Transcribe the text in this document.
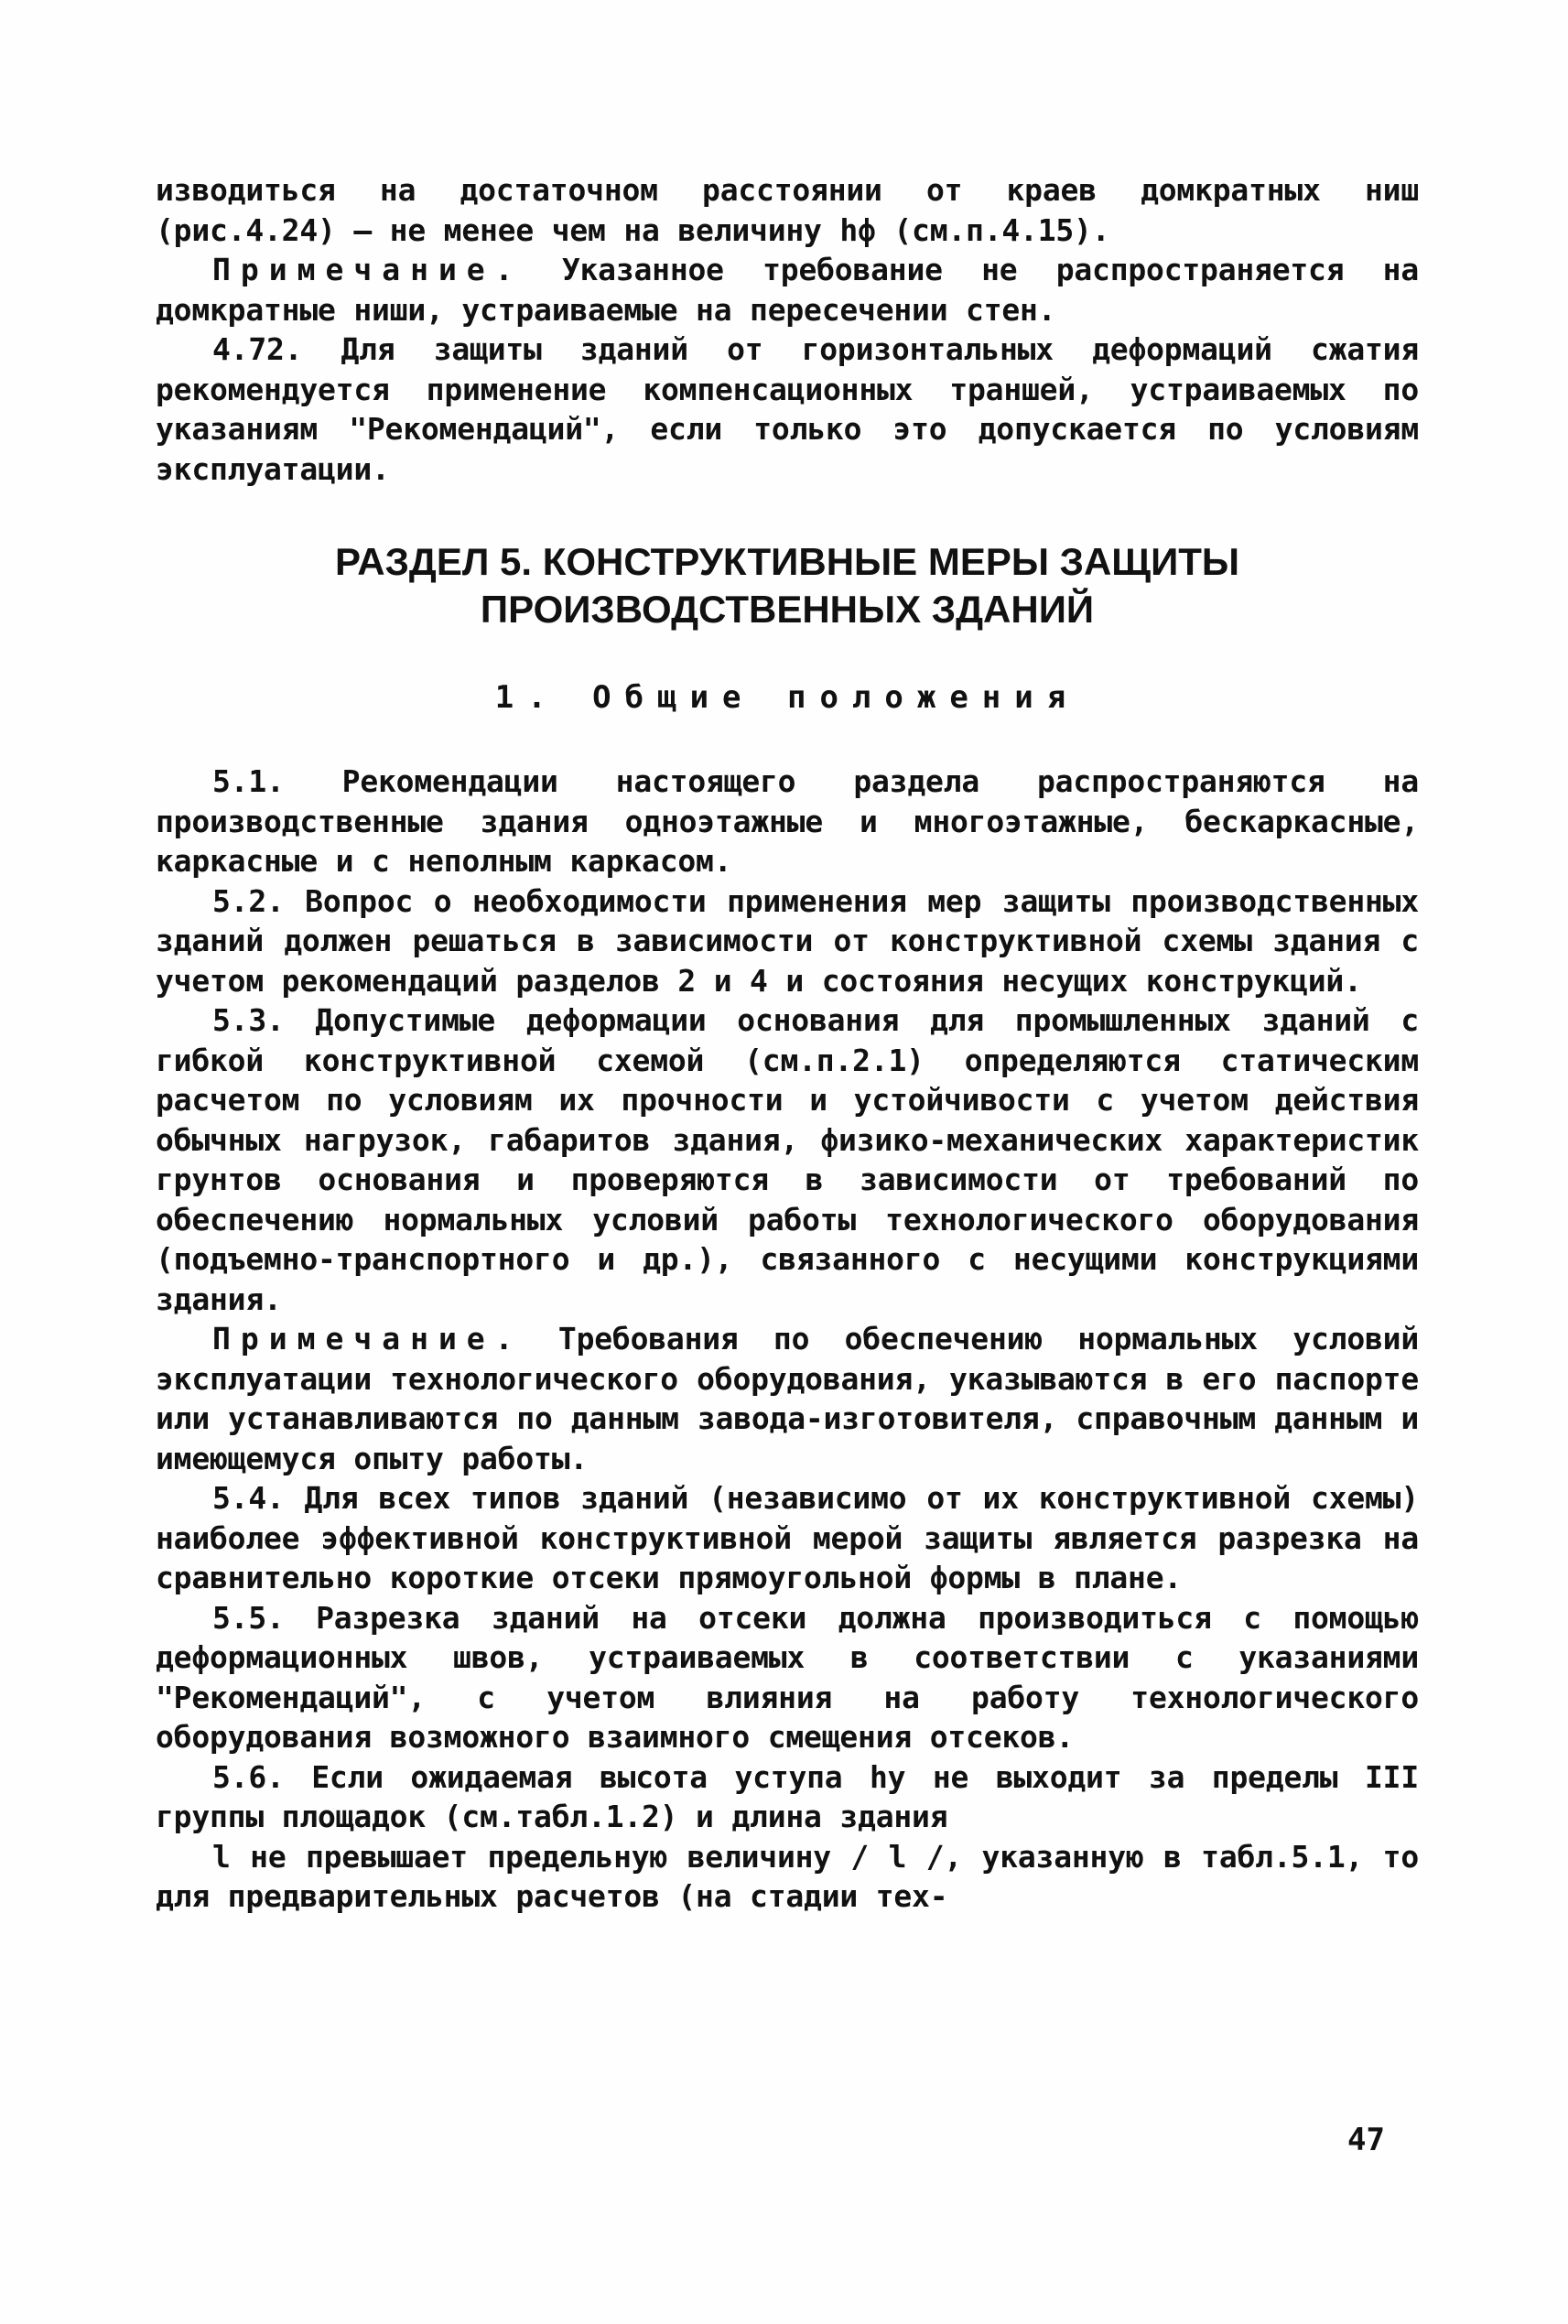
изводиться на достаточном расстоянии от краев домкратных ниш (рис.4.24) – не менее чем на величину hф (см.п.4.15).

Примечание. Указанное требование не распространяется на домкратные ниши, устраиваемые на пересечении стен.

4.72. Для защиты зданий от горизонтальных деформаций сжатия рекомендуется применение компенсационных траншей, устраиваемых по указаниям "Рекомендаций", если только это допускается по условиям эксплуатации.

РАЗДЕЛ 5. КОНСТРУКТИВНЫЕ МЕРЫ ЗАЩИТЫ
ПРОИЗВОДСТВЕННЫХ ЗДАНИЙ
1. Общие положения

5.1. Рекомендации настоящего раздела распространяются на производственные здания одноэтажные и многоэтажные, бескаркасные, каркасные и с неполным каркасом.

5.2. Вопрос о необходимости применения мер защиты производственных зданий должен решаться в зависимости от конструктивной схемы здания с учетом рекомендаций разделов 2 и 4 и состояния несущих конструкций.

5.3. Допустимые деформации основания для промышленных зданий с гибкой конструктивной схемой (см.п.2.1) определяются статическим расчетом по условиям их прочности и устойчивости с учетом действия обычных нагрузок, габаритов здания, физико-механических характеристик грунтов основания и проверяются в зависимости от требований по обеспечению нормальных условий работы технологического оборудования (подъемно-транспортного и др.), связанного с несущими конструкциями здания.

Примечание. Требования по обеспечению нормальных условий эксплуатации технологического оборудования, указываются в его паспорте или устанавливаются по данным завода-изготовителя, справочным данным и имеющемуся опыту работы.

5.4. Для всех типов зданий (независимо от их конструктивной схемы) наиболее эффективной конструктивной мерой защиты является разрезка на сравнительно короткие отсеки прямоугольной формы в плане.

5.5. Разрезка зданий на отсеки должна производиться с помощью деформационных швов, устраиваемых в соответствии с указаниями "Рекомендаций", с учетом влияния на работу технологического оборудования возможного взаимного смещения отсеков.

5.6. Если ожидаемая высота уступа hу не выходит за пределы III группы площадок (см.табл.1.2) и длина здания

l не превышает предельную величину / l /, указанную в табл.5.1, то для предварительных расчетов (на стадии тех-

47
